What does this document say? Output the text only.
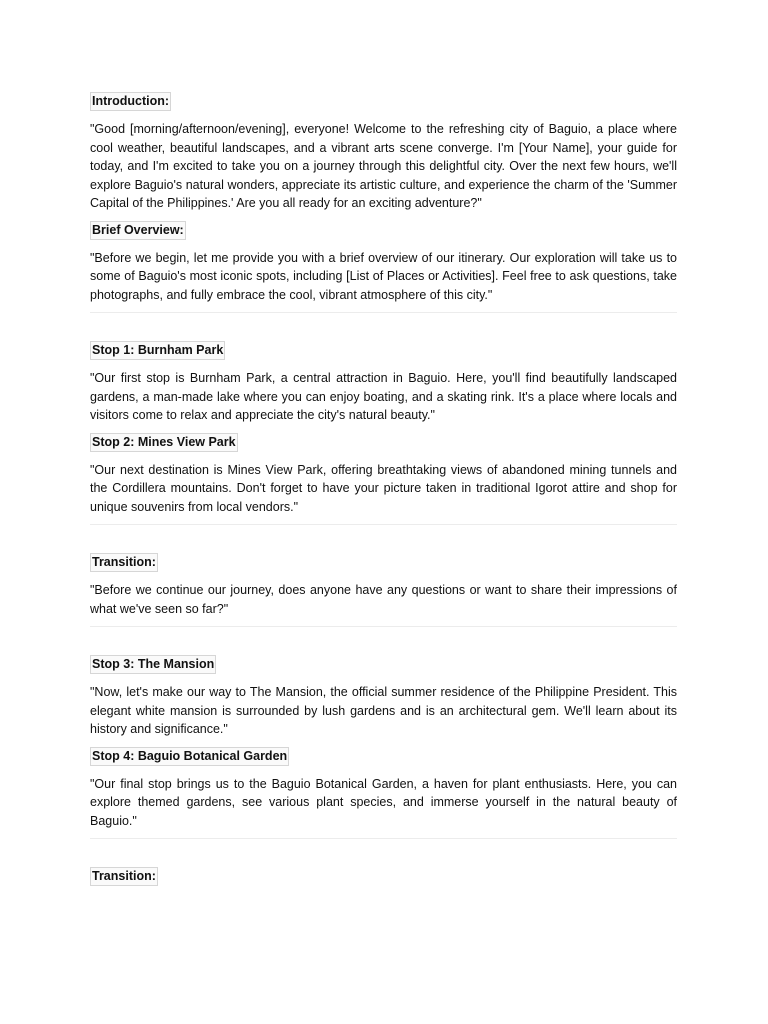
Introduction:

"Good [morning/afternoon/evening], everyone! Welcome to the refreshing city of Baguio, a place where cool weather, beautiful landscapes, and a vibrant arts scene converge. I'm [Your Name], your guide for today, and I'm excited to take you on a journey through this delightful city. Over the next few hours, we'll explore Baguio's natural wonders, appreciate its artistic culture, and experience the charm of the 'Summer Capital of the Philippines.' Are you all ready for an exciting adventure?"

Brief Overview:

"Before we begin, let me provide you with a brief overview of our itinerary. Our exploration will take us to some of Baguio's most iconic spots, including [List of Places or Activities]. Feel free to ask questions, take photographs, and fully embrace the cool, vibrant atmosphere of this city."

Stop 1: Burnham Park

"Our first stop is Burnham Park, a central attraction in Baguio. Here, you'll find beautifully landscaped gardens, a man-made lake where you can enjoy boating, and a skating rink. It's a place where locals and visitors come to relax and appreciate the city's natural beauty."

Stop 2: Mines View Park

"Our next destination is Mines View Park, offering breathtaking views of abandoned mining tunnels and the Cordillera mountains. Don't forget to have your picture taken in traditional Igorot attire and shop for unique souvenirs from local vendors."

Transition:

"Before we continue our journey, does anyone have any questions or want to share their impressions of what we've seen so far?"

Stop 3: The Mansion

"Now, let's make our way to The Mansion, the official summer residence of the Philippine President. This elegant white mansion is surrounded by lush gardens and is an architectural gem. We'll learn about its history and significance."

Stop 4: Baguio Botanical Garden

"Our final stop brings us to the Baguio Botanical Garden, a haven for plant enthusiasts. Here, you can explore themed gardens, see various plant species, and immerse yourself in the natural beauty of Baguio."

Transition:
